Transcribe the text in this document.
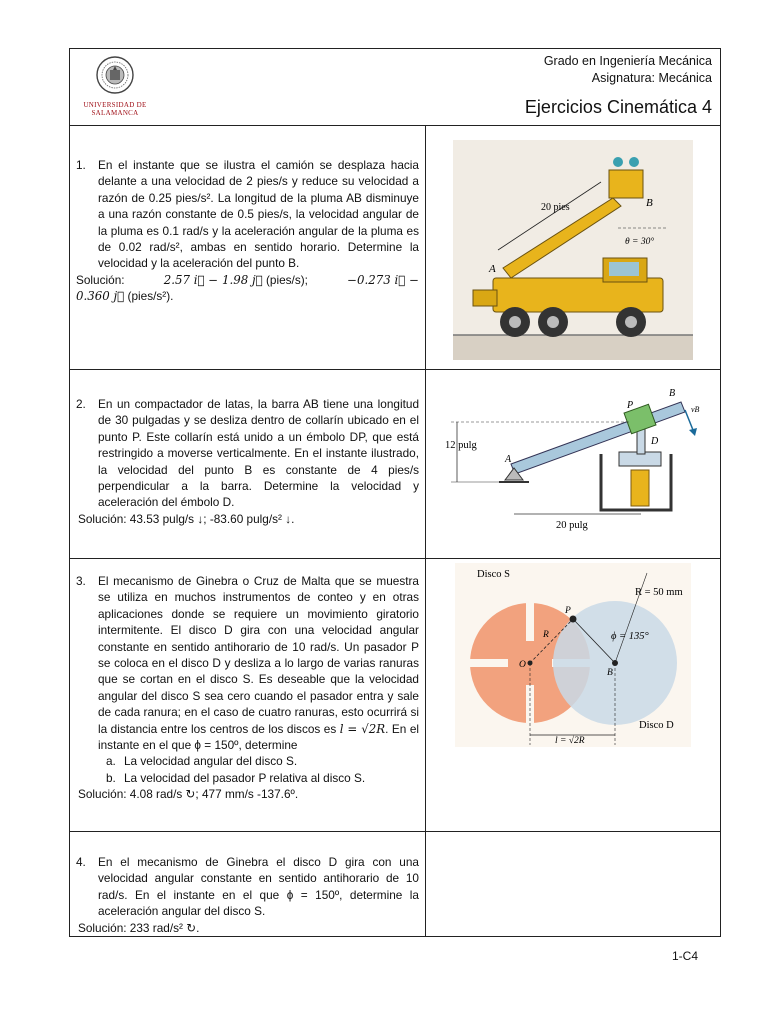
UNIVERSIDAD DE SALAMANCA
Grado en Ingeniería Mecánica
Asignatura: Mecánica
Ejercicios Cinemática 4
1.	En el instante que se ilustra el camión se desplaza hacia delante a una velocidad de 2 pies/s y reduce su velocidad a razón de 0.25 pies/s². La longitud de la pluma AB disminuye a una razón constante de 0.5 pies/s, la velocidad angular de la pluma es 0.1 rad/s y la aceleración angular de la pluma es de 0.02 rad/s², ambas en sentido horario. Determine la velocidad y la aceleración del punto B.
Solución:	2.57 i⃗ − 1.98 j⃗ (pies/s);	−0.273 i⃗ −
0.360 j⃗ (pies/s²).
20 pies	B
A
θ = 30°
2.	En un compactador de latas, la barra AB tiene una longitud de 30 pulgadas y se desliza dentro de collarín ubicado en el punto P. Este collarín está unido a un émbolo DP, que está restringido a moverse verticalmente. En el instante ilustrado, la velocidad del punto B es constante de 4 pies/s perpendicular a la barra. Determine la velocidad y aceleración del émbolo D.
Solución: 43.53 pulg/s ↓; -83.60 pulg/s² ↓.
12 pulg
20 pulg
A
P
B
D
vB
3.	El mecanismo de Ginebra o Cruz de Malta que se muestra se utiliza en muchos instrumentos de conteo y en otras aplicaciones donde se requiere un movimiento giratorio intermitente. El disco D gira con una velocidad angular constante en sentido antihorario de 10 rad/s. Un pasador P se coloca en el disco D y desliza a lo largo de varias ranuras que se cortan en el disco S. Es deseable que la velocidad angular del disco S sea cero cuando el pasador entra y sale de cada ranura; en el caso de cuatro ranuras, esto ocurrirá si la distancia entre los centros de los discos es l = √2R. En el instante en el que ϕ = 150º, determine
a. La velocidad angular del disco S.
b. La velocidad del pasador P relativa al disco S.
Solución: 4.08 rad/s ↻; 477 mm/s -137.6º.
Disco S
R = 50 mm
ϕ = 135°
l = √2R
Disco D
P
O
B
R
4.	En el mecanismo de Ginebra el disco D gira con una velocidad angular constante en sentido antihorario de 10 rad/s. En el instante en el que ϕ = 150º, determine la aceleración angular del disco S.
Solución: 233 rad/s² ↻.
1-C4
